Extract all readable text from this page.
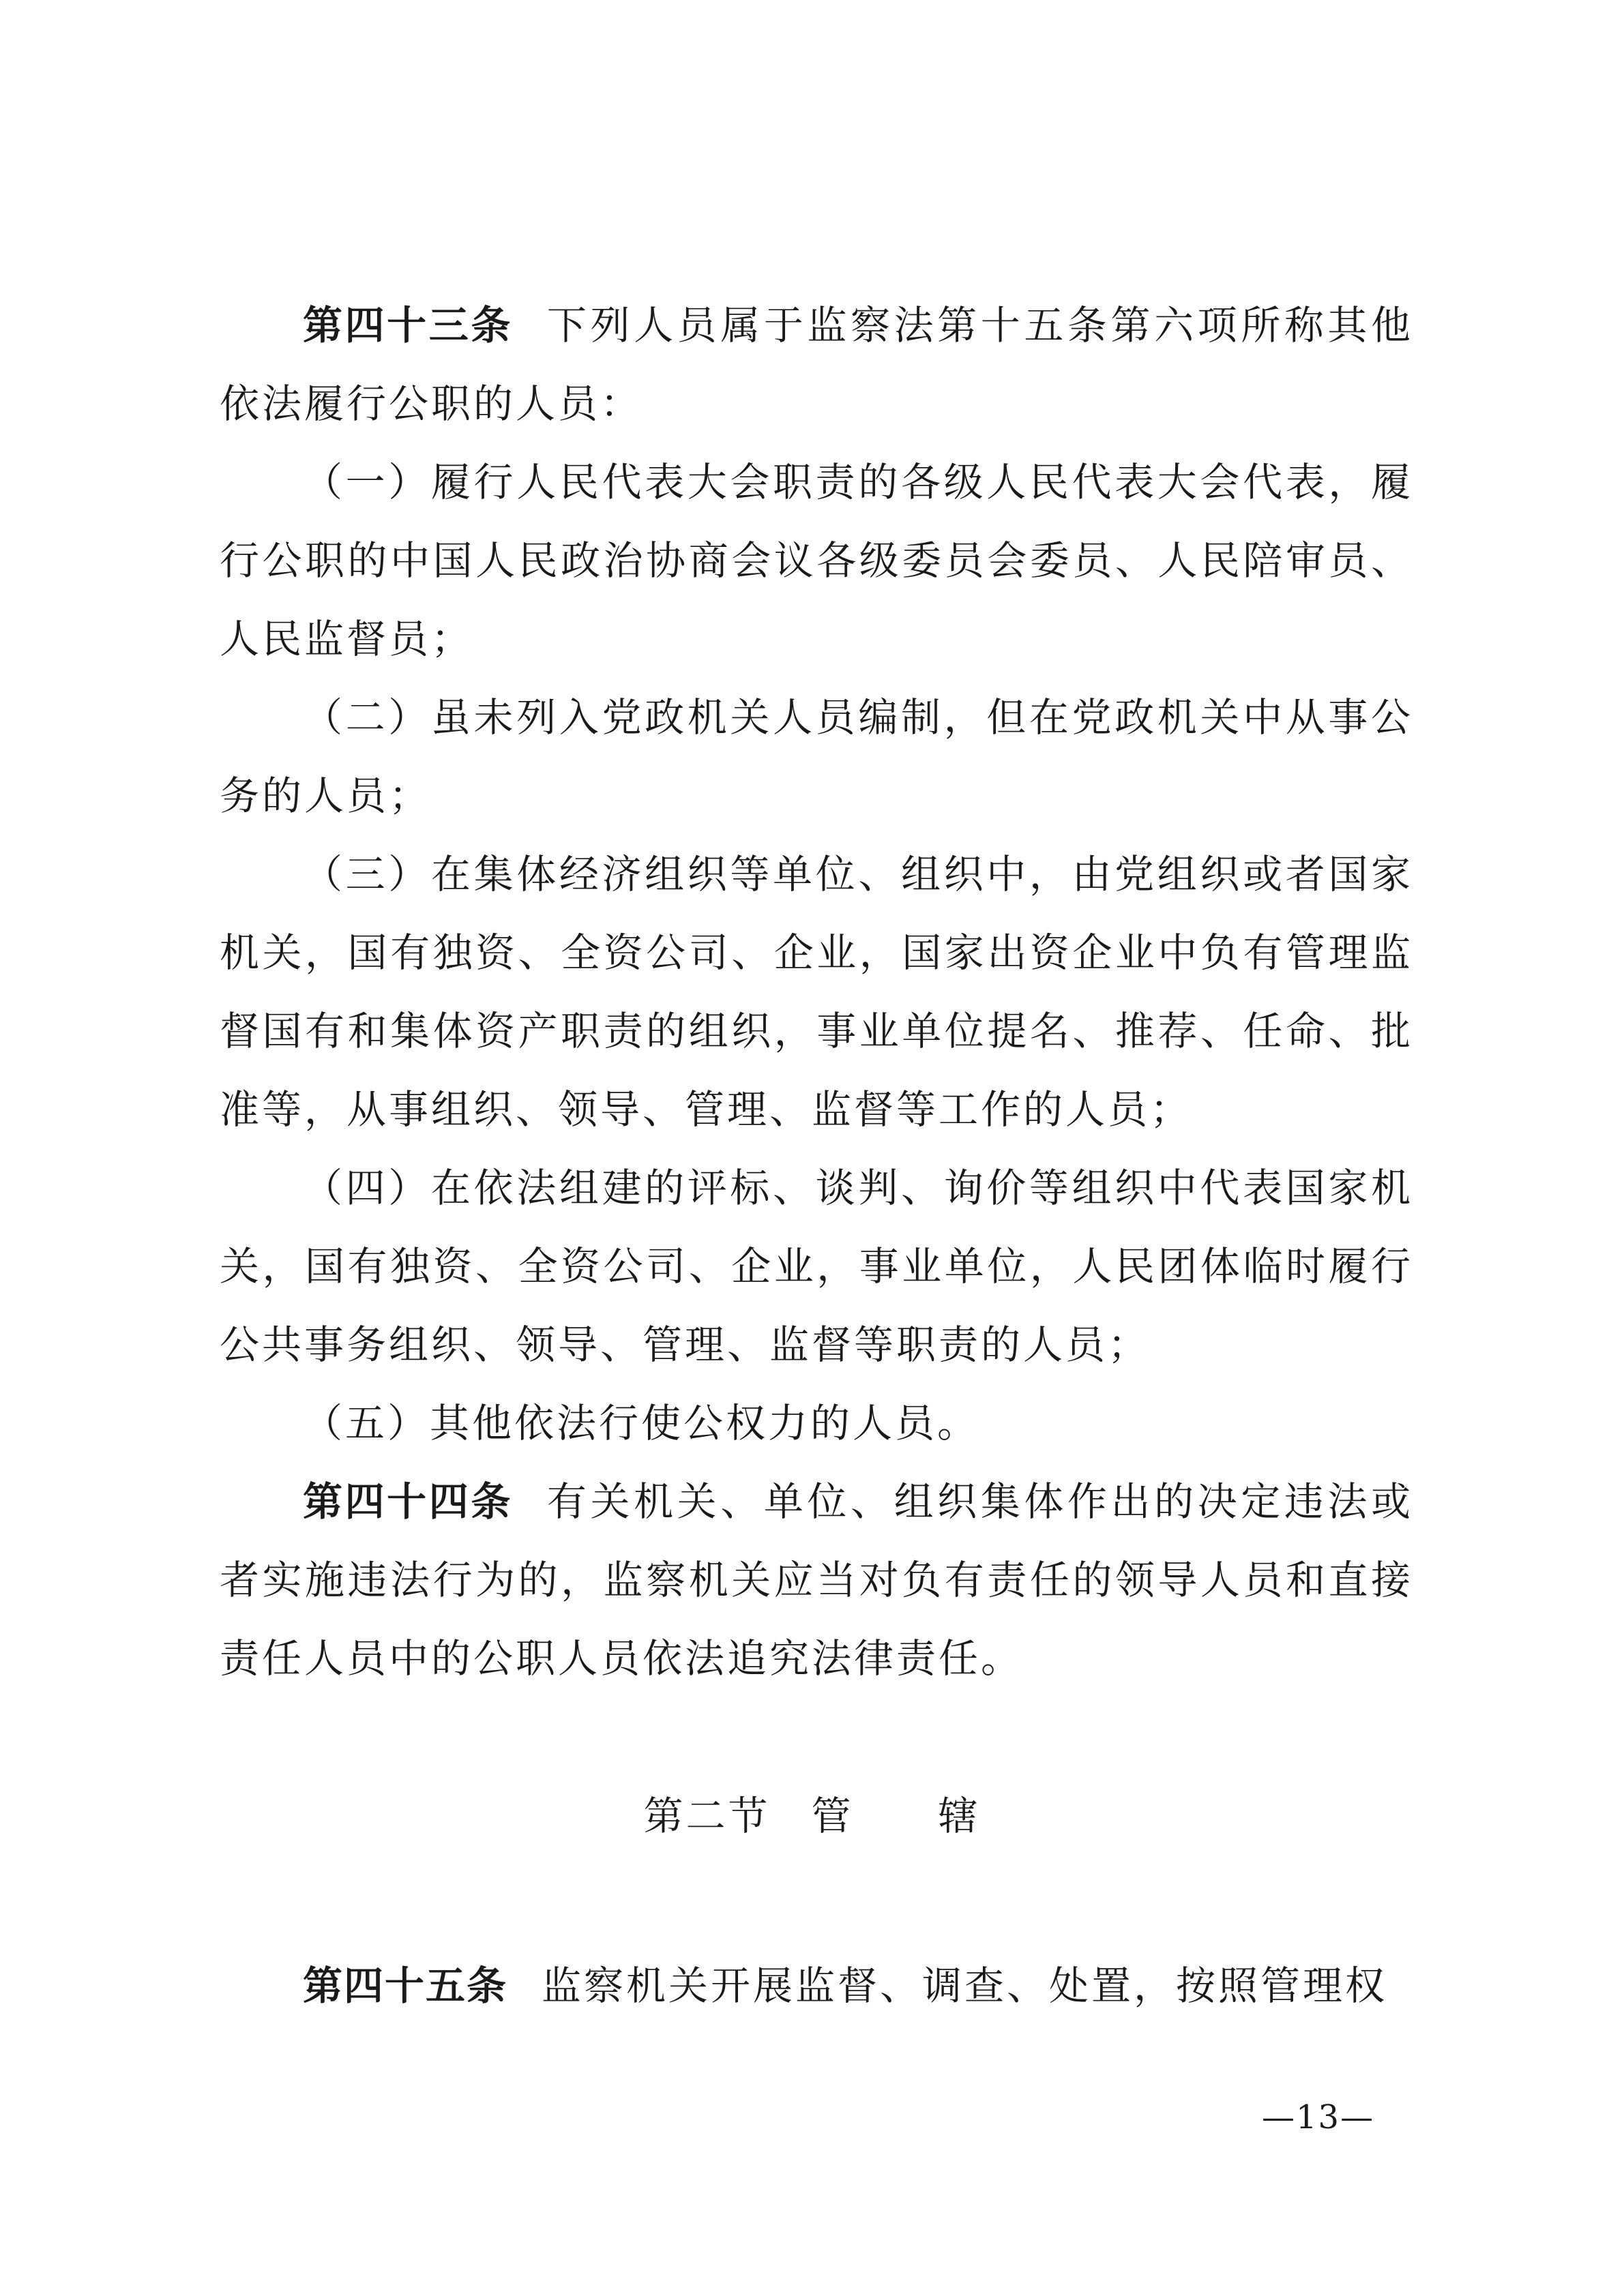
第四十三条 下列人员属于监察法第十五条第六项所称其他依法履行公职的人员：

（一）履行人民代表大会职责的各级人民代表大会代表，履行公职的中国人民政治协商会议各级委员会委员、人民陪审员、人民监督员；

（二）虽未列入党政机关人员编制，但在党政机关中从事公务的人员；

（三）在集体经济组织等单位、组织中，由党组织或者国家机关，国有独资、全资公司、企业，国家出资企业中负有管理监督国有和集体资产职责的组织，事业单位提名、推荐、任命、批准等，从事组织、领导、管理、监督等工作的人员；

（四）在依法组建的评标、谈判、询价等组织中代表国家机关，国有独资、全资公司、企业，事业单位，人民团体临时履行公共事务组织、领导、管理、监督等职责的人员；

（五）其他依法行使公权力的人员。

第四十四条 有关机关、单位、组织集体作出的决定违法或者实施违法行为的，监察机关应当对负有责任的领导人员和直接责任人员中的公职人员依法追究法律责任。

第二节 管　　辖

第四十五条 监察机关开展监督、调查、处置，按照管理权

—13—
